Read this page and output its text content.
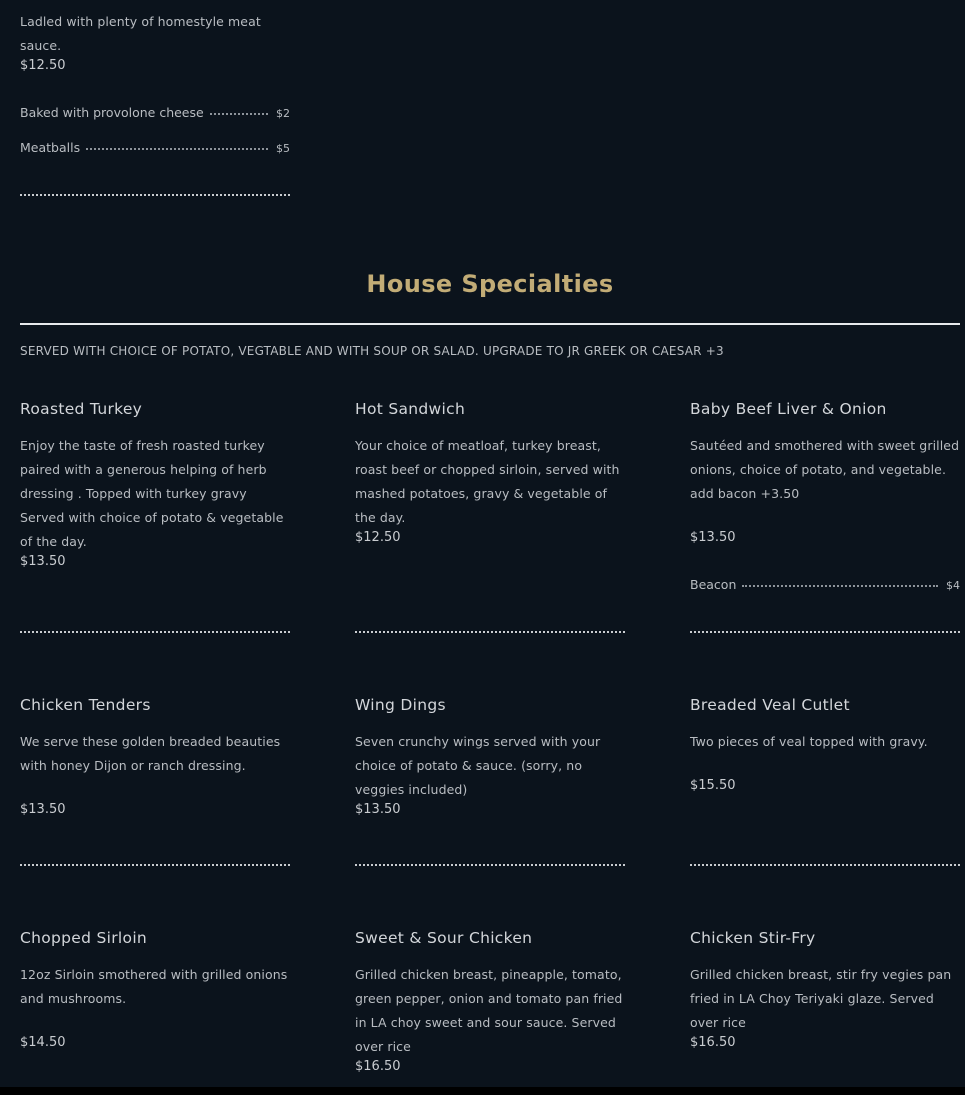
Ladled with plenty of homestyle meat sauce.
$12.50
Baked with provolone cheese	$2
Meatballs	$5
House Specialties
SERVED WITH CHOICE OF POTATO, VEGTABLE AND WITH SOUP OR SALAD. UPGRADE TO JR GREEK OR CAESAR +3
Roasted Turkey
Enjoy the taste of fresh roasted turkey paired with a generous helping of herb dressing . Topped with turkey gravy Served with choice of potato & vegetable of the day.
$13.50
Hot Sandwich
Your choice of meatloaf, turkey breast, roast beef or chopped sirloin, served with mashed potatoes, gravy & vegetable of the day.
$12.50
Baby Beef Liver & Onion
Sautéed and smothered with sweet grilled onions, choice of potato, and vegetable. add bacon +3.50
$13.50
Beacon	$4
Chicken Tenders
We serve these golden breaded beauties with honey Dijon or ranch dressing.
$13.50
Wing Dings
Seven crunchy wings served with your choice of potato & sauce. (sorry, no veggies included)
$13.50
Breaded Veal Cutlet
Two pieces of veal topped with gravy.
$15.50
Chopped Sirloin
12oz Sirloin smothered with grilled onions and mushrooms.
$14.50
Sweet & Sour Chicken
Grilled chicken breast, pineapple, tomato, green pepper, onion and tomato pan fried in LA choy sweet and sour sauce. Served over rice
$16.50
Chicken Stir-Fry
Grilled chicken breast, stir fry vegies pan fried in LA Choy Teriyaki glaze. Served over rice
$16.50
